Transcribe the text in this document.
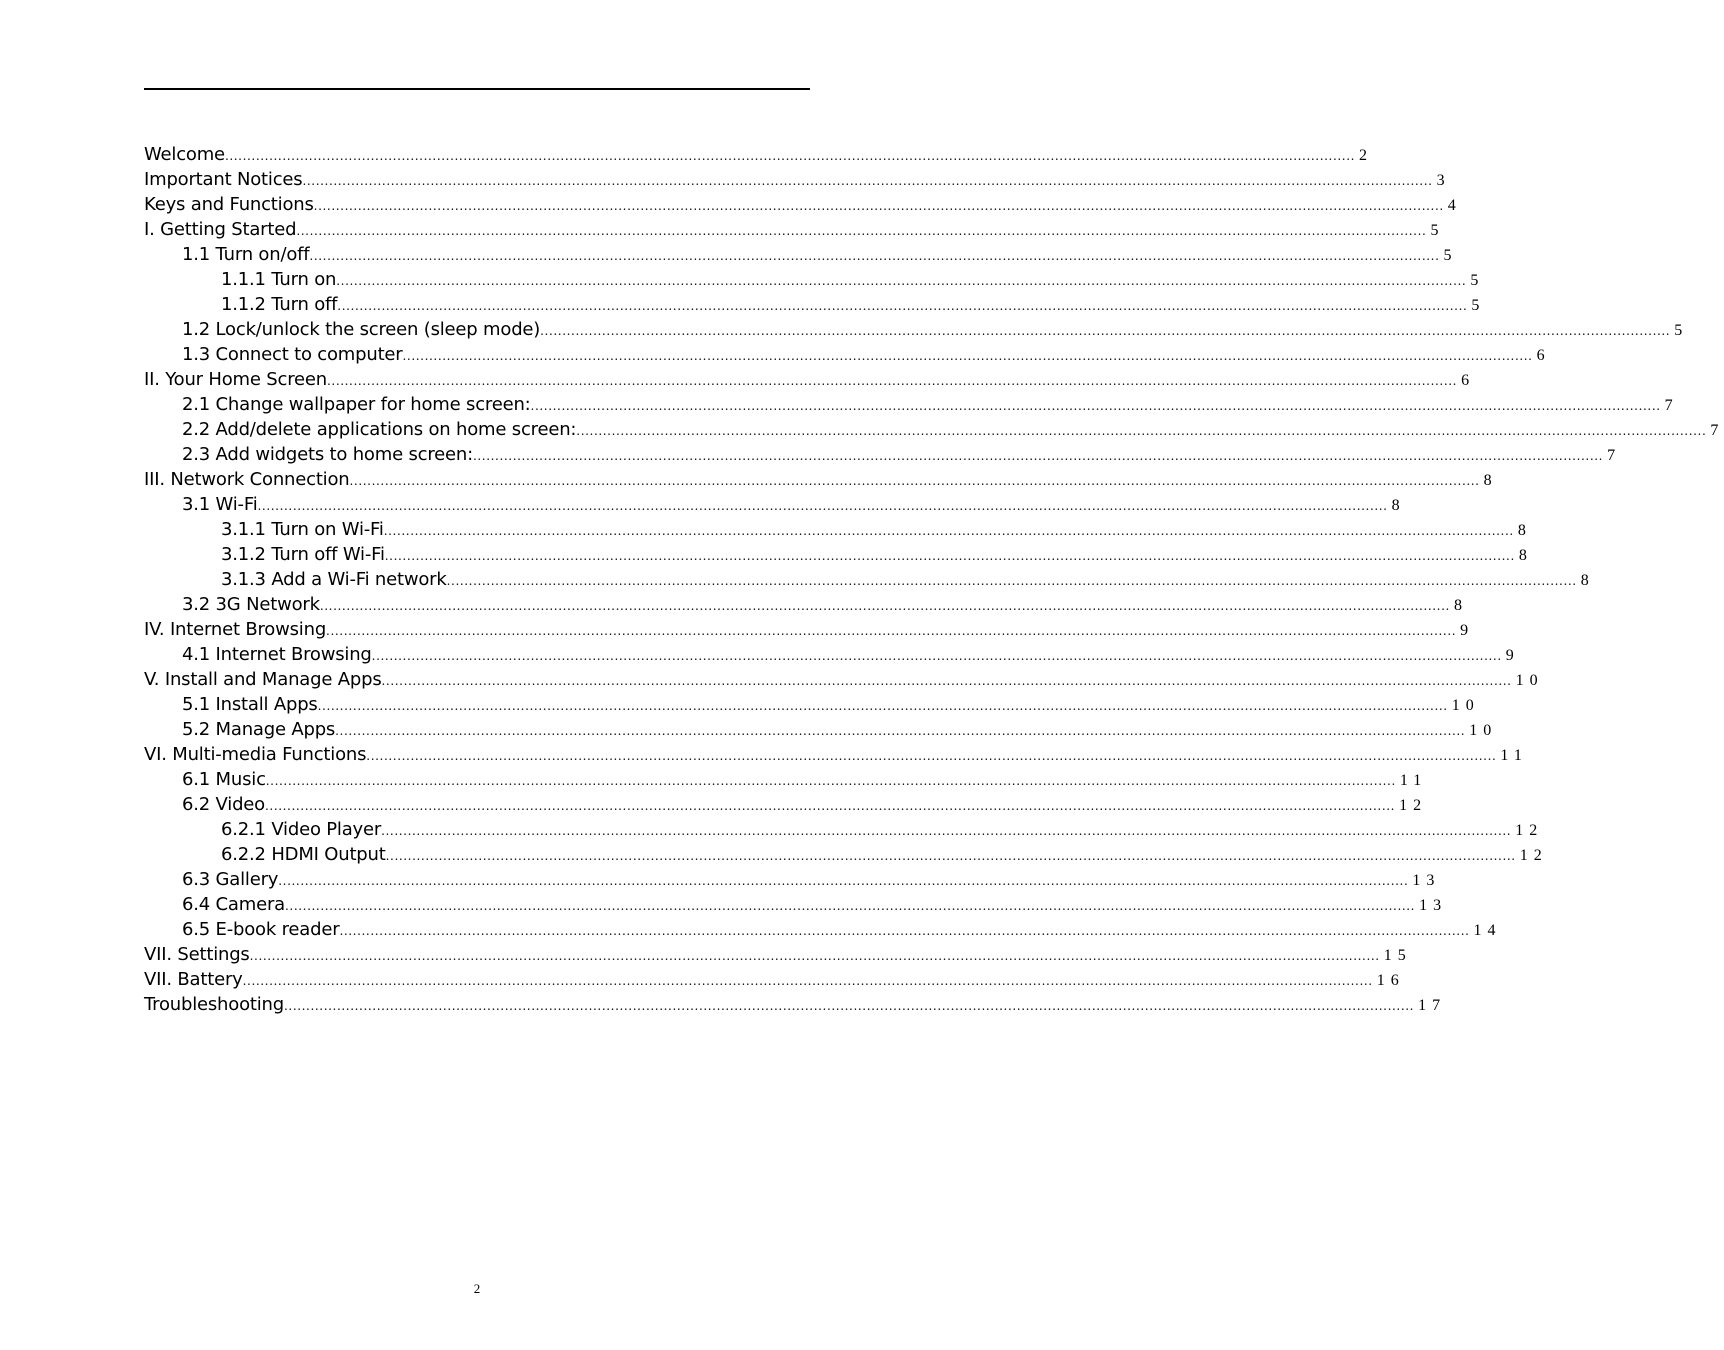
Welcome .....	2
Important Notices .....	3
Keys and Functions .....	4
I. Getting Started .....	5
1.1 Turn on/off .....	5
1.1.1 Turn on .....	5
1.1.2 Turn off .....	5
1.2 Lock/unlock the screen (sleep mode) .....	5
1.3 Connect to computer .....	6
II. Your Home Screen .....	6
2.1 Change wallpaper for home screen: .....	7
2.2 Add/delete applications on home screen: .....	7
2.3 Add widgets to home screen: .....	7
III. Network Connection .....	8
3.1 Wi-Fi .....	8
3.1.1 Turn on Wi-Fi .....	8
3.1.2 Turn off Wi-Fi .....	8
3.1.3 Add a Wi-Fi network .....	8
3.2 3G Network .....	8
IV. Internet Browsing .....	9
4.1 Internet Browsing .....	9
V. Install and Manage Apps .....	10
5.1 Install Apps .....	10
5.2 Manage Apps .....	10
VI. Multi-media Functions .....	11
6.1 Music .....	11
6.2 Video .....	12
6.2.1 Video Player .....	12
6.2.2 HDMI Output .....	12
6.3 Gallery .....	13
6.4 Camera .....	13
6.5 E-book reader .....	14
VII. Settings .....	15
VII. Battery .....	16
Troubleshooting .....	17
2
